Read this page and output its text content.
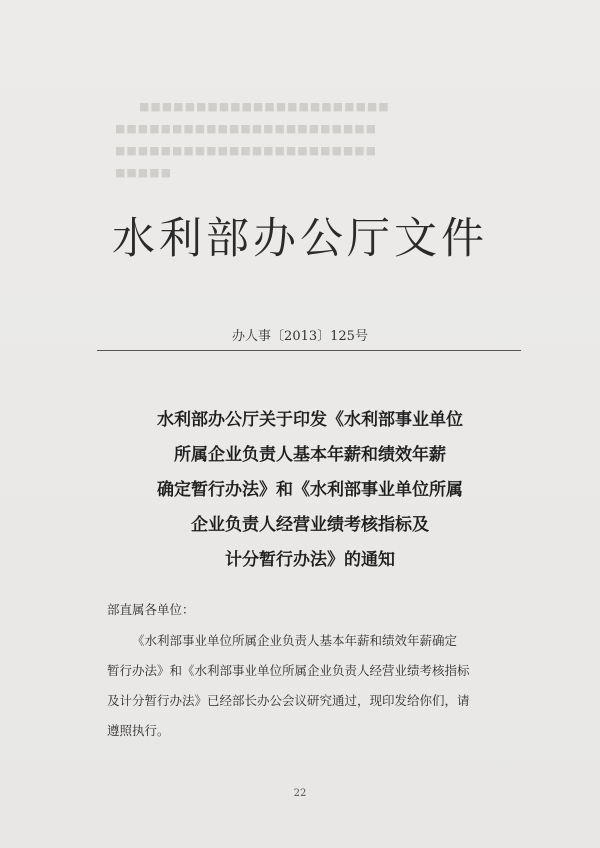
　　■■■■■■■■■■■■■■■■■■■■■■
■■■■■■■■■■■■■■■■■■■■■■■
■■■■■■■■■■■■■■■■■■■■■■■
■■■■■
水利部办公厅文件
办人事〔2013〕125号
水利部办公厅关于印发《水利部事业单位
所属企业负责人基本年薪和绩效年薪
确定暂行办法》和《水利部事业单位所属
企业负责人经营业绩考核指标及
计分暂行办法》的通知
部直属各单位：
《水利部事业单位所属企业负责人基本年薪和绩效年薪确定
暂行办法》和《水利部事业单位所属企业负责人经营业绩考核指标
及计分暂行办法》已经部长办公会议研究通过，现印发给你们，请
遵照执行。
22
